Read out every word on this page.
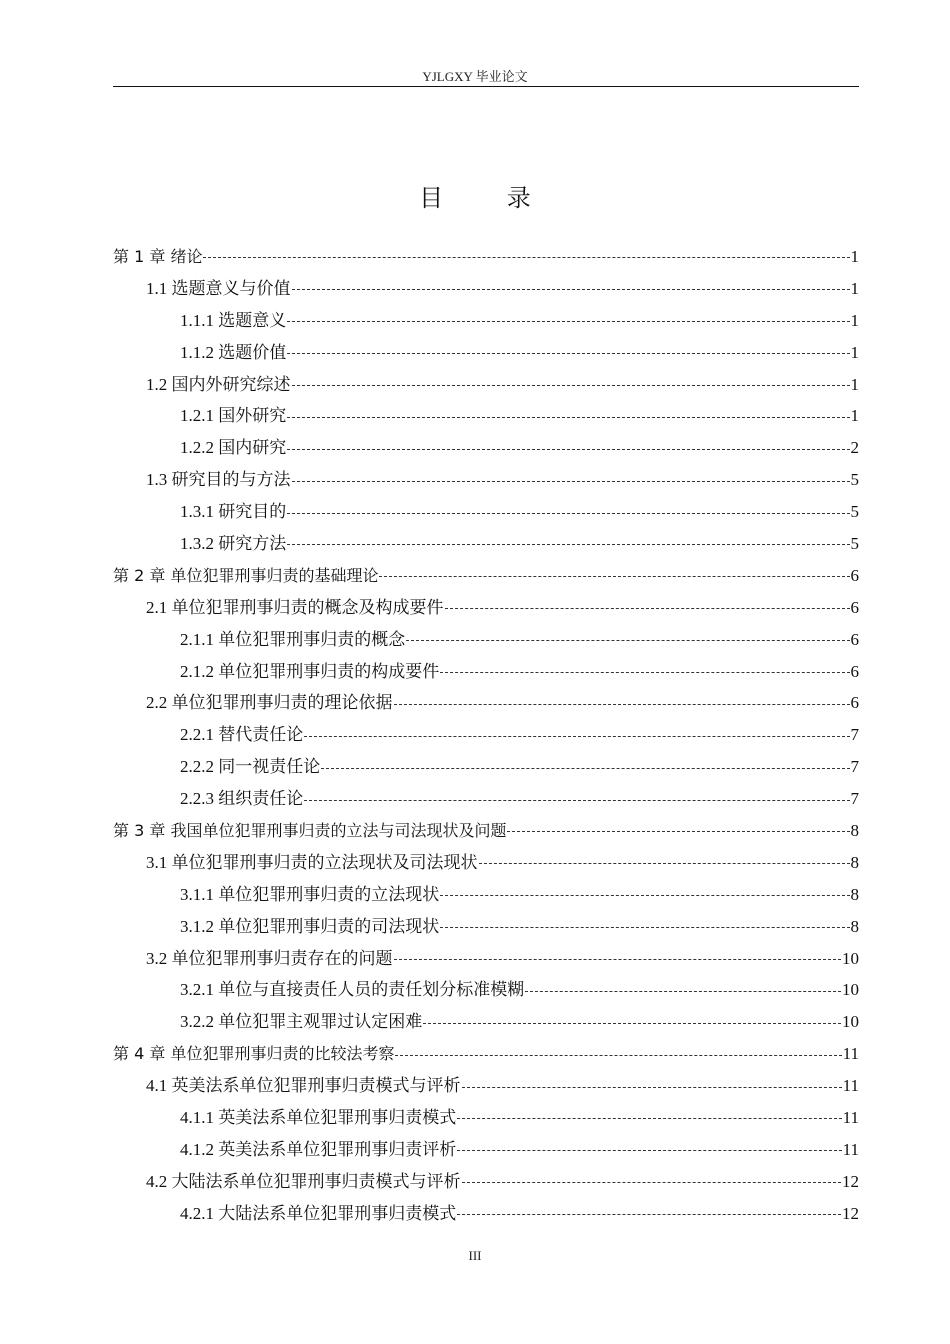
YJLGXY 毕业论文
目 录
第 1 章 绪论	1
1.1 选题意义与价值	1
1.1.1 选题意义	1
1.1.2 选题价值	1
1.2 国内外研究综述	1
1.2.1 国外研究	1
1.2.2 国内研究	2
1.3 研究目的与方法	5
1.3.1 研究目的	5
1.3.2 研究方法	5
第 2 章 单位犯罪刑事归责的基础理论	6
2.1 单位犯罪刑事归责的概念及构成要件	6
2.1.1 单位犯罪刑事归责的概念	6
2.1.2 单位犯罪刑事归责的构成要件	6
2.2 单位犯罪刑事归责的理论依据	6
2.2.1 替代责任论	7
2.2.2 同一视责任论	7
2.2.3 组织责任论	7
第 3 章 我国单位犯罪刑事归责的立法与司法现状及问题	8
3.1 单位犯罪刑事归责的立法现状及司法现状	8
3.1.1 单位犯罪刑事归责的立法现状	8
3.1.2 单位犯罪刑事归责的司法现状	8
3.2 单位犯罪刑事归责存在的问题	10
3.2.1 单位与直接责任人员的责任划分标准模糊	10
3.2.2 单位犯罪主观罪过认定困难	10
第 4 章 单位犯罪刑事归责的比较法考察	11
4.1 英美法系单位犯罪刑事归责模式与评析	11
4.1.1 英美法系单位犯罪刑事归责模式	11
4.1.2 英美法系单位犯罪刑事归责评析	11
4.2 大陆法系单位犯罪刑事归责模式与评析	12
4.2.1 大陆法系单位犯罪刑事归责模式	12
III
